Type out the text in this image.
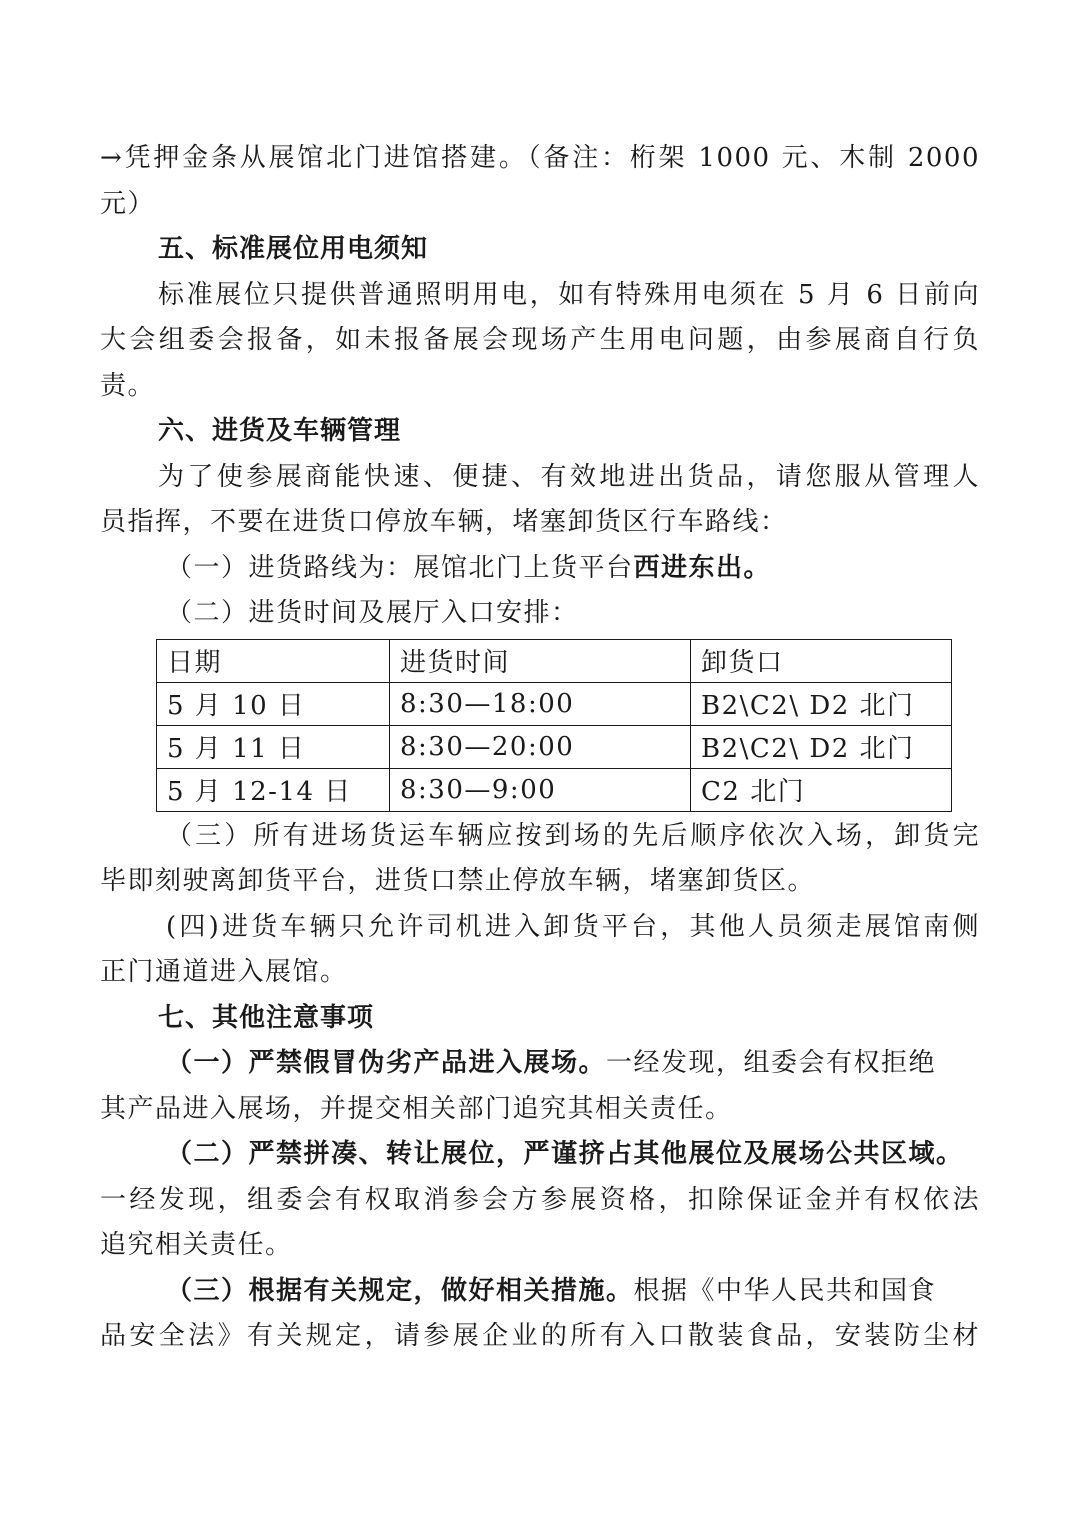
→凭押金条从展馆北门进馆搭建。（备注：桁架 1000 元、木制 2000
元）
五、标准展位用电须知
标准展位只提供普通照明用电，如有特殊用电须在 5 月 6 日前向
大会组委会报备，如未报备展会现场产生用电问题，由参展商自行负
责。
六、进货及车辆管理
为了使参展商能快速、便捷、有效地进出货品，请您服从管理人
员指挥，不要在进货口停放车辆，堵塞卸货区行车路线：
（一）进货路线为：展馆北门上货平台西进东出。
（二）进货时间及展厅入口安排：
日期	进货时间	卸货口
5 月 10 日	8:30—18:00	B2\C2\ D2 北门
5 月 11 日	8:30—20:00	B2\C2\ D2 北门
5 月 12-14 日	8:30—9:00	C2 北门
（三）所有进场货运车辆应按到场的先后顺序依次入场，卸货完
毕即刻驶离卸货平台，进货口禁止停放车辆，堵塞卸货区。
(四)进货车辆只允许司机进入卸货平台，其他人员须走展馆南侧
正门通道进入展馆。
七、其他注意事项
（一）严禁假冒伪劣产品进入展场。一经发现，组委会有权拒绝
其产品进入展场，并提交相关部门追究其相关责任。
（二）严禁拼凑、转让展位，严谨挤占其他展位及展场公共区域。
一经发现，组委会有权取消参会方参展资格，扣除保证金并有权依法
追究相关责任。
（三）根据有关规定，做好相关措施。根据《中华人民共和国食
品安全法》有关规定，请参展企业的所有入口散装食品，安装防尘材
